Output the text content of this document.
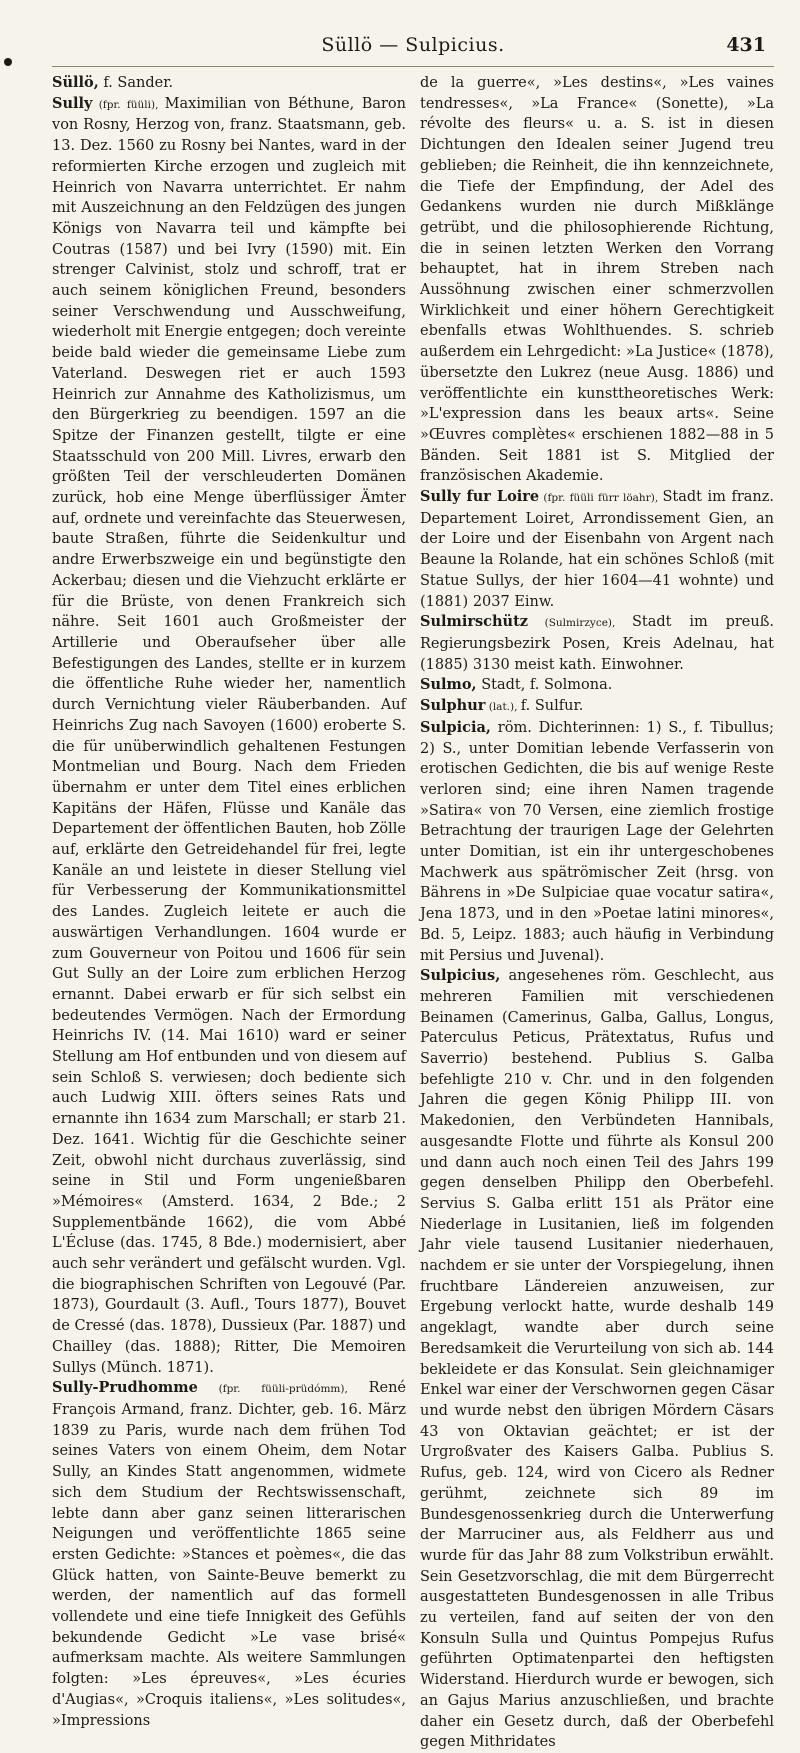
Süllö — Sulpicius.	431

Süllö, f. Sander.

Sully (fpr. füüli), Maximilian von Béthune, Baron von Rosny, Herzog von, franz. Staatsmann, geb. 13. Dez. 1560 zu Rosny bei Nantes, ward in der reformierten Kirche erzogen und zugleich mit Heinrich von Navarra unterrichtet. Er nahm mit Auszeichnung an den Feldzügen des jungen Königs von Navarra teil und kämpfte bei Coutras (1587) und bei Ivry (1590) mit. Ein strenger Calvinist, stolz und schroff, trat er auch seinem königlichen Freund, besonders seiner Verschwendung und Ausschweifung, wiederholt mit Energie entgegen; doch vereinte beide bald wieder die gemeinsame Liebe zum Vaterland. Deswegen riet er auch 1593 Heinrich zur Annahme des Katholizismus, um den Bürgerkrieg zu beendigen. 1597 an die Spitze der Finanzen gestellt, tilgte er eine Staatsschuld von 200 Mill. Livres, erwarb den größten Teil der verschleuderten Domänen zurück, hob eine Menge überflüssiger Ämter auf, ordnete und vereinfachte das Steuerwesen, baute Straßen, führte die Seidenkultur und andre Erwerbszweige ein und begünstigte den Ackerbau; diesen und die Viehzucht erklärte er für die Brüste, von denen Frankreich sich nähre. Seit 1601 auch Großmeister der Artillerie und Oberaufseher über alle Befestigungen des Landes, stellte er in kurzem die öffentliche Ruhe wieder her, namentlich durch Vernichtung vieler Räuberbanden. Auf Heinrichs Zug nach Savoyen (1600) eroberte S. die für unüberwindlich gehaltenen Festungen Montmelian und Bourg. Nach dem Frieden übernahm er unter dem Titel eines erblichen Kapitäns der Häfen, Flüsse und Kanäle das Departement der öffentlichen Bauten, hob Zölle auf, erklärte den Getreidehandel für frei, legte Kanäle an und leistete in dieser Stellung viel für Verbesserung der Kommunikationsmittel des Landes. Zugleich leitete er auch die auswärtigen Verhandlungen. 1604 wurde er zum Gouverneur von Poitou und 1606 für sein Gut Sully an der Loire zum erblichen Herzog ernannt. Dabei erwarb er für sich selbst ein bedeutendes Vermögen. Nach der Ermordung Heinrichs IV. (14. Mai 1610) ward er seiner Stellung am Hof entbunden und von diesem auf sein Schloß S. verwiesen; doch bediente sich auch Ludwig XIII. öfters seines Rats und ernannte ihn 1634 zum Marschall; er starb 21. Dez. 1641. Wichtig für die Geschichte seiner Zeit, obwohl nicht durchaus zuverlässig, sind seine in Stil und Form ungenießbaren »Mémoires« (Amsterd. 1634, 2 Bde.; 2 Supplementbände 1662), die vom Abbé L'Écluse (das. 1745, 8 Bde.) modernisiert, aber auch sehr verändert und gefälscht wurden. Vgl. die biographischen Schriften von Legouvé (Par. 1873), Gourdault (3. Aufl., Tours 1877), Bouvet de Cressé (das. 1878), Dussieux (Par. 1887) und Chailley (das. 1888); Ritter, Die Memoiren Sullys (Münch. 1871).

Sully-Prudhomme (fpr. füüli-prüdómm), René François Armand, franz. Dichter, geb. 16. März 1839 zu Paris, wurde nach dem frühen Tod seines Vaters von einem Oheim, dem Notar Sully, an Kindes Statt angenommen, widmete sich dem Studium der Rechtswissenschaft, lebte dann aber ganz seinen litterarischen Neigungen und veröffentlichte 1865 seine ersten Gedichte: »Stances et poèmes«, die das Glück hatten, von Sainte-Beuve bemerkt zu werden, der namentlich auf das formell vollendete und eine tiefe Innigkeit des Gefühls bekundende Gedicht »Le vase brisé« aufmerksam machte. Als weitere Sammlungen folgten: »Les épreuves«, »Les écuries d'Augias«, »Croquis italiens«, »Les solitudes«, »Impressions

de la guerre«, »Les destins«, »Les vaines tendresses«, »La France« (Sonette), »La révolte des fleurs« u. a. S. ist in diesen Dichtungen den Idealen seiner Jugend treu geblieben; die Reinheit, die ihn kennzeichnete, die Tiefe der Empfindung, der Adel des Gedankens wurden nie durch Mißklänge getrübt, und die philosophierende Richtung, die in seinen letzten Werken den Vorrang behauptet, hat in ihrem Streben nach Aussöhnung zwischen einer schmerzvollen Wirklichkeit und einer höhern Gerechtigkeit ebenfalls etwas Wohlthuendes. S. schrieb außerdem ein Lehrgedicht: »La Justice« (1878), übersetzte den Lukrez (neue Ausg. 1886) und veröffentlichte ein kunsttheoretisches Werk: »L'expression dans les beaux arts«. Seine »Œuvres complètes« erschienen 1882—88 in 5 Bänden. Seit 1881 ist S. Mitglied der französischen Akademie.

Sully fur Loire (fpr. füüli fürr löahr), Stadt im franz. Departement Loiret, Arrondissement Gien, an der Loire und der Eisenbahn von Argent nach Beaune la Rolande, hat ein schönes Schloß (mit Statue Sullys, der hier 1604—41 wohnte) und (1881) 2037 Einw.

Sulmirschütz (Sulmirzyce), Stadt im preuß. Regierungsbezirk Posen, Kreis Adelnau, hat (1885) 3130 meist kath. Einwohner.

Sulmo, Stadt, f. Solmona.

Sulphur (lat.), f. Sulfur.

Sulpicia, röm. Dichterinnen: 1) S., f. Tibullus; 2) S., unter Domitian lebende Verfasserin von erotischen Gedichten, die bis auf wenige Reste verloren sind; eine ihren Namen tragende »Satira« von 70 Versen, eine ziemlich frostige Betrachtung der traurigen Lage der Gelehrten unter Domitian, ist ein ihr untergeschobenes Machwerk aus spätrömischer Zeit (hrsg. von Bährens in »De Sulpiciae quae vocatur satira«, Jena 1873, und in den »Poetae latini minores«, Bd. 5, Leipz. 1883; auch häufig in Verbindung mit Persius und Juvenal).

Sulpicius, angesehenes röm. Geschlecht, aus mehreren Familien mit verschiedenen Beinamen (Camerinus, Galba, Gallus, Longus, Paterculus Peticus, Prätextatus, Rufus und Saverrio) bestehend. Publius S. Galba befehligte 210 v. Chr. und in den folgenden Jahren die gegen König Philipp III. von Makedonien, den Verbündeten Hannibals, ausgesandte Flotte und führte als Konsul 200 und dann auch noch einen Teil des Jahrs 199 gegen denselben Philipp den Oberbefehl. Servius S. Galba erlitt 151 als Prätor eine Niederlage in Lusitanien, ließ im folgenden Jahr viele tausend Lusitanier niederhauen, nachdem er sie unter der Vorspiegelung, ihnen fruchtbare Ländereien anzuweisen, zur Ergebung verlockt hatte, wurde deshalb 149 angeklagt, wandte aber durch seine Beredsamkeit die Verurteilung von sich ab. 144 bekleidete er das Konsulat. Sein gleichnamiger Enkel war einer der Verschwornen gegen Cäsar und wurde nebst den übrigen Mördern Cäsars 43 von Oktavian geächtet; er ist der Urgroßvater des Kaisers Galba. Publius S. Rufus, geb. 124, wird von Cicero als Redner gerühmt, zeichnete sich 89 im Bundesgenossenkrieg durch die Unterwerfung der Marruciner aus, als Feldherr aus und wurde für das Jahr 88 zum Volkstribun erwählt. Sein Gesetzvorschlag, die mit dem Bürgerrecht ausgestatteten Bundesgenossen in alle Tribus zu verteilen, fand auf seiten der von den Konsuln Sulla und Quintus Pompejus Rufus geführten Optimatenpartei den heftigsten Widerstand. Hierdurch wurde er bewogen, sich an Gajus Marius anzuschließen, und brachte daher ein Gesetz durch, daß der Oberbefehl gegen Mithridates
